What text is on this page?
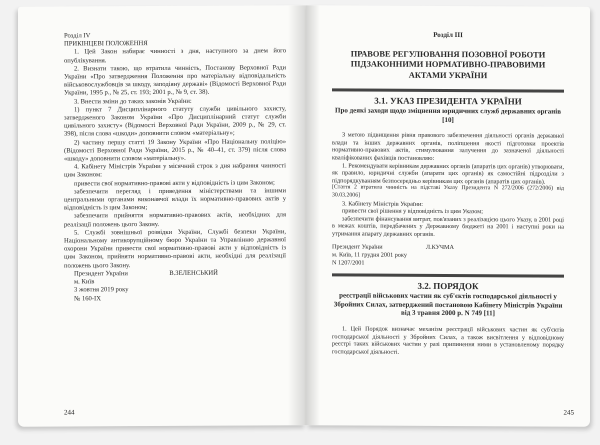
Розділ IV

ПРИКІНЦЕВІ ПОЛОЖЕННЯ

1. Цей Закон набирає чинності з дня, наступного за днем його опублікування.

2. Визнати такою, що втратила чинність, Постанову Верховної Ради України «Про затвердження Положення про матеріальну відповідальність військовослужбовців за шкоду, заподіяну державі» (Відомості Верховної Ради України, 1995 р., № 25, ст. 193; 2001 р., № 9, ст. 38).

3. Внести зміни до таких законів України:

1) пункт 7 Дисциплінарного статуту служби цивільного захисту, затвердженого Законом України «Про Дисциплінарний статут служби цивільного захисту» (Відомості Верховної Ради України, 2009 р., № 29, ст. 398), після слова «шкоди» доповнити словом «матеріальну»;

2) частину першу статті 19 Закону України «Про Національну поліцію» (Відомості Верховної Ради України, 2015 р., № 40–41, ст. 379) після слова «шкоду» доповнити словом «матеріальну».

4. Кабінету Міністрів України у місячний строк з дня набрання чинності цим Законом:

привести свої нормативно-правові акти у відповідність із цим Законом;

забезпечити перегляд і приведення міністерствами та іншими центральними органами виконавчої влади їх нормативно-правових актів у відповідність із цим Законом;

забезпечити прийняття нормативно-правових актів, необхідних для реалізації положень цього Закону.

5. Службі зовнішньої розвідки України, Службі безпеки України, Національному антикорупційному бюро України та Управлінню державної охорони України привести свої нормативно-правові акти у відповідність із цим Законом, прийняти нормативно-правові акти, необхідні для реалізації положень цього Закону.

Президент України	В.ЗЕЛЕНСЬКИЙ

м. Київ

3 жовтня 2019 року

№ 160-IX

244
Розділ III
ПРАВОВЕ РЕГУЛЮВАННЯ ПОЗОВНОЇ РОБОТИ ПІДЗАКОННИМИ НОРМАТИВНО-ПРАВОВИМИ АКТАМИ УКРАЇНИ
3.1. УКАЗ ПРЕЗИДЕНТА УКРАЇНИ
Про деякі заходи щодо зміцнення юридичних служб державних органів [10]

З метою підвищення рівня правового забезпечення діяльності органів державної влади та інших державних органів, поліпшення якості підготовки проектів нормативно-правових актів, стимулювання залучення до зазначеної діяльності кваліфікованих фахівців постановляю:

1. Рекомендувати керівникам державних органів (апаратів цих органів) утворювати, як правило, юридичні служби (апарати цих органів) як самостійні підрозділи з підпорядкуванням безпосередньо керівникам цих органів (апаратів цих органів).

[Стаття 2 втратила чинність на підставі Указу Президента N 272/2006 (272/2006) від 30.03.2006]

3. Кабінету Міністрів України:

привести свої рішення у відповідність із цим Указом;

забезпечити фінансування витрат, пов'язаних з реалізацією цього Указу, в 2001 році в межах коштів, передбачених у Державному бюджеті на 2001 і наступні роки на утримання апарату державних органів.

Президент України	Л.КУЧМА

м. Київ, 11 грудня 2001 року

N 1207/2001

3.2. ПОРЯДОК
реєстрації військових частин як суб'єктів господарської діяльності у Збройних Силах, затверджений постановою Кабінету Міністрів України від 3 травня 2000 р. N 749 [11]

1. Цей Порядок визначає механізм реєстрації військових частин як суб'єктів господарської діяльності у Збройних Силах, а також висвітлення у відповідному реєстрі таких військових частин у разі припинення ними в установленому порядку господарської діяльності.

245
